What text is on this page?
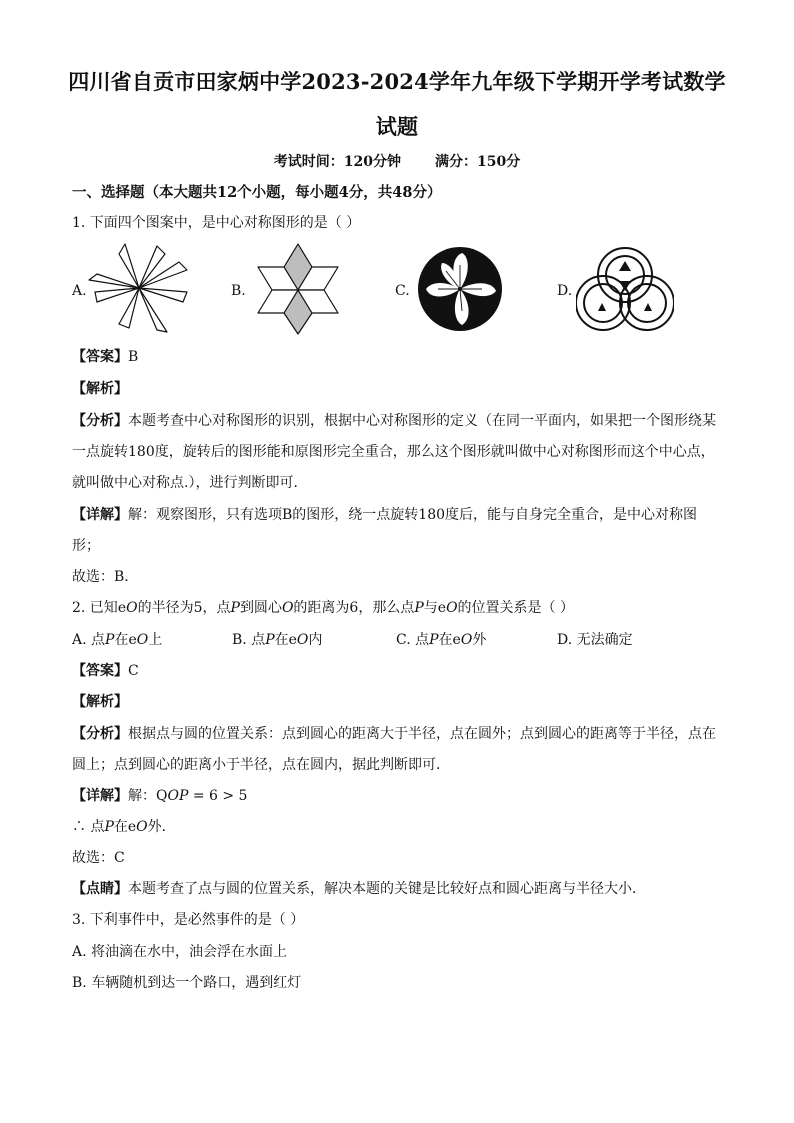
四川省自贡市田家炳中学2023-2024学年九年级下学期开学考试数学
试题
考试时间：120分钟 满分：150分
一、选择题（本大题共12个小题，每小题4分，共48分）
1. 下面四个图案中，是中心对称图形的是（ ）
A.	B.	C.	D.
【答案】B
【解析】
【分析】本题考查中心对称图形的识别，根据中心对称图形的定义（在同一平面内，如果把一个图形绕某
一点旋转180度，旋转后的图形能和原图形完全重合，那么这个图形就叫做中心对称图形而这个中心点，
就叫做中心对称点.），进行判断即可．
【详解】解：观察图形，只有选项B的图形，绕一点旋转180度后，能与自身完全重合，是中心对称图
形；
故选：B．
2. 已知eO的半径为5，点P到圆心O的距离为6，那么点P与eO的位置关系是（ ）
A. 点P在eO上	B. 点P在eO内	C. 点P在eO外	D. 无法确定
【答案】C
【解析】
【分析】根据点与圆的位置关系：点到圆心的距离大于半径，点在圆外；点到圆心的距离等于半径，点在
圆上；点到圆心的距离小于半径，点在圆内，据此判断即可．
【详解】解：QOP = 6 > 5
∴ 点P在eO外．
故选：C
【点睛】本题考查了点与圆的位置关系，解决本题的关键是比较好点和圆心距离与半径大小．
3. 下利事件中，是必然事件的是（ ）
A. 将油滴在水中，油会浮在水面上
B. 车辆随机到达一个路口，遇到红灯
